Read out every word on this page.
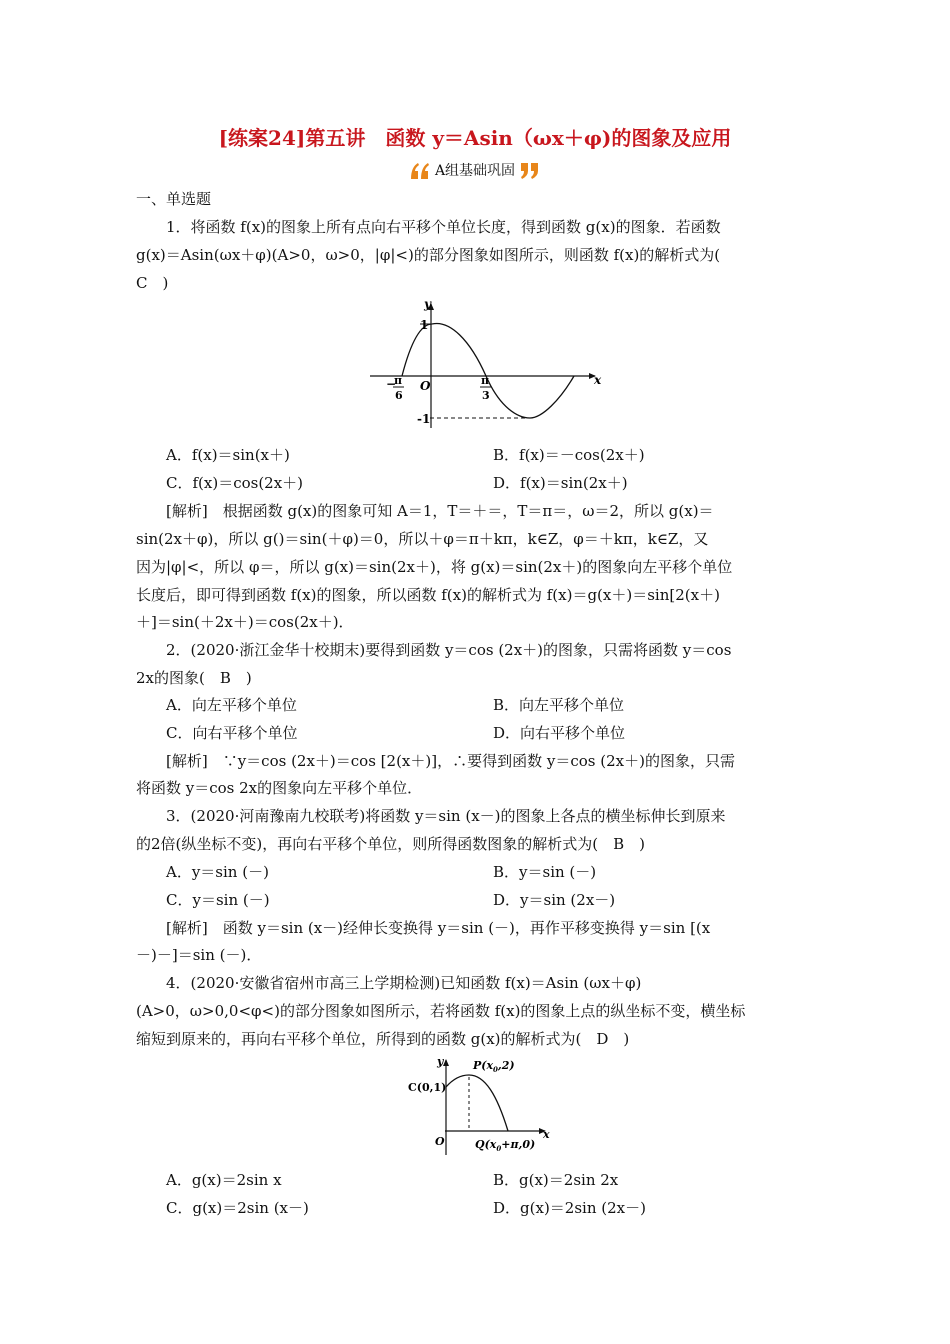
[练案24]第五讲　函数 y＝Asin（ωx＋φ)的图象及应用
A组基础巩固
一、单选题
1．将函数 f(x)的图象上所有点向右平移个单位长度，得到函数 g(x)的图象．若函数
g(x)＝Asin(ωx＋φ)(A>0，ω>0，|φ|<)的部分图象如图所示，则函数 f(x)的解析式为(
C　)
y
x
1
-1
O
−
π
6
π
3
A．f(x)＝sin(x＋)	B．f(x)＝－cos(2x＋)
C．f(x)＝cos(2x＋)	D．f(x)＝sin(2x＋)
[解析]　根据函数 g(x)的图象可知 A＝1，T＝＋＝，T＝π＝，ω＝2，所以 g(x)＝
sin(2x＋φ)，所以 g()＝sin(＋φ)＝0，所以＋φ＝π＋kπ，k∈Z，φ＝＋kπ，k∈Z，又
因为|φ|<，所以 φ＝，所以 g(x)＝sin(2x＋)，将 g(x)＝sin(2x＋)的图象向左平移个单位
长度后，即可得到函数 f(x)的图象，所以函数 f(x)的解析式为 f(x)＝g(x＋)＝sin[2(x＋)
＋]＝sin(＋2x＋)＝cos(2x＋)．
2．(2020·浙江金华十校期末)要得到函数 y＝cos (2x＋)的图象，只需将函数 y＝cos
2x的图象(　B　)
A．向左平移个单位	B．向左平移个单位
C．向右平移个单位	D．向右平移个单位
[解析]　∵y＝cos (2x＋)＝cos [2(x＋)]，∴要得到函数 y＝cos (2x＋)的图象，只需
将函数 y＝cos 2x的图象向左平移个单位．
3．(2020·河南豫南九校联考)将函数 y＝sin (x－)的图象上各点的横坐标伸长到原来
的2倍(纵坐标不变)，再向右平移个单位，则所得函数图象的解析式为(　B　)
A．y＝sin (－)	B．y＝sin (－)
C．y＝sin (－)	D．y＝sin (2x－)
[解析]　函数 y＝sin (x－)经伸长变换得 y＝sin (－)，再作平移变换得 y＝sin [(x
－)－]＝sin (－)．
4．(2020·安徽省宿州市高三上学期检测)已知函数 f(x)＝Asin (ωx＋φ)
(A>0，ω>0,0<φ<)的部分图象如图所示，若将函数 f(x)的图象上点的纵坐标不变，横坐标
缩短到原来的，再向右平移个单位，所得到的函数 g(x)的解析式为(　D　)
y
x
C(0,1)
$P(x_0,2)$
O	$Q(x_0+\pi,0)$
A．g(x)＝2sin x	B．g(x)＝2sin 2x
C．g(x)＝2sin (x－)	D．g(x)＝2sin (2x－)
